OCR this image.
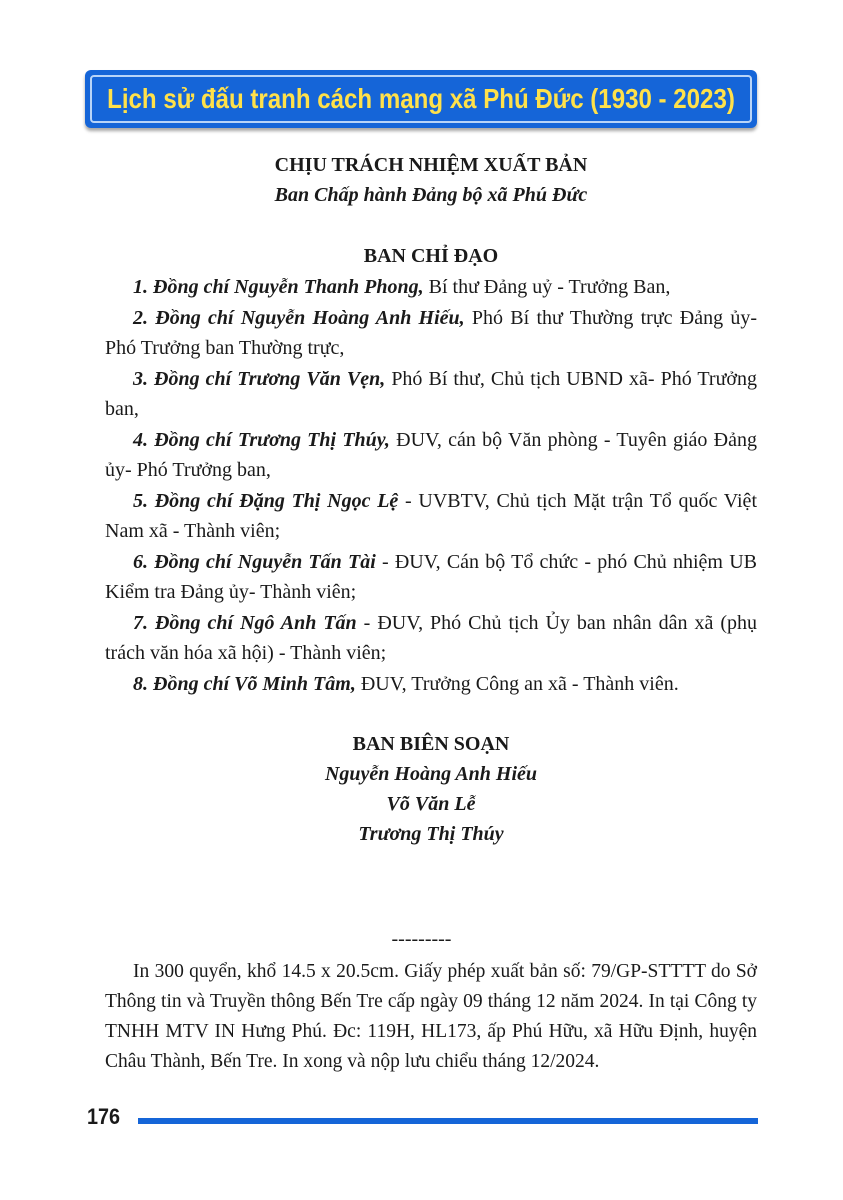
Lịch sử đấu tranh cách mạng xã Phú Đức (1930 - 2023)
CHỊU TRÁCH NHIỆM XUẤT BẢN
Ban Chấp hành Đảng bộ xã Phú Đức
BAN CHỈ ĐẠO

1. Đồng chí Nguyễn Thanh Phong, Bí thư Đảng uỷ - Trưởng Ban,

2. Đồng chí Nguyễn Hoàng Anh Hiếu, Phó Bí thư Thường trực Đảng ủy- Phó Trưởng ban Thường trực,

3. Đồng chí Trương Văn Vẹn, Phó Bí thư, Chủ tịch UBND xã- Phó Trưởng ban,

4. Đồng chí Trương Thị Thúy, ĐUV, cán bộ Văn phòng - Tuyên giáo Đảng ủy- Phó Trưởng ban,

5. Đồng chí Đặng Thị Ngọc Lệ - UVBTV, Chủ tịch Mặt trận Tổ quốc Việt Nam xã - Thành viên;

6. Đồng chí Nguyễn Tấn Tài - ĐUV, Cán bộ Tổ chức - phó Chủ nhiệm UB Kiểm tra Đảng ủy- Thành viên;

7. Đồng chí Ngô Anh Tấn - ĐUV, Phó Chủ tịch Ủy ban nhân dân xã (phụ trách văn hóa xã hội) - Thành viên;

8. Đồng chí Võ Minh Tâm, ĐUV, Trưởng Công an xã - Thành viên.

BAN BIÊN SOẠN

Nguyễn Hoàng Anh Hiếu

Võ Văn Lễ

Trương Thị Thúy

---------

In 300 quyển, khổ 14.5 x 20.5cm. Giấy phép xuất bản số: 79/GP-STTTT do Sở Thông tin và Truyền thông Bến Tre cấp ngày 09 tháng 12 năm 2024. In tại Công ty TNHH MTV IN Hưng Phú. Đc: 119H, HL173, ấp Phú Hữu, xã Hữu Định, huyện Châu Thành, Bến Tre. In xong và nộp lưu chiểu tháng 12/2024.

176
